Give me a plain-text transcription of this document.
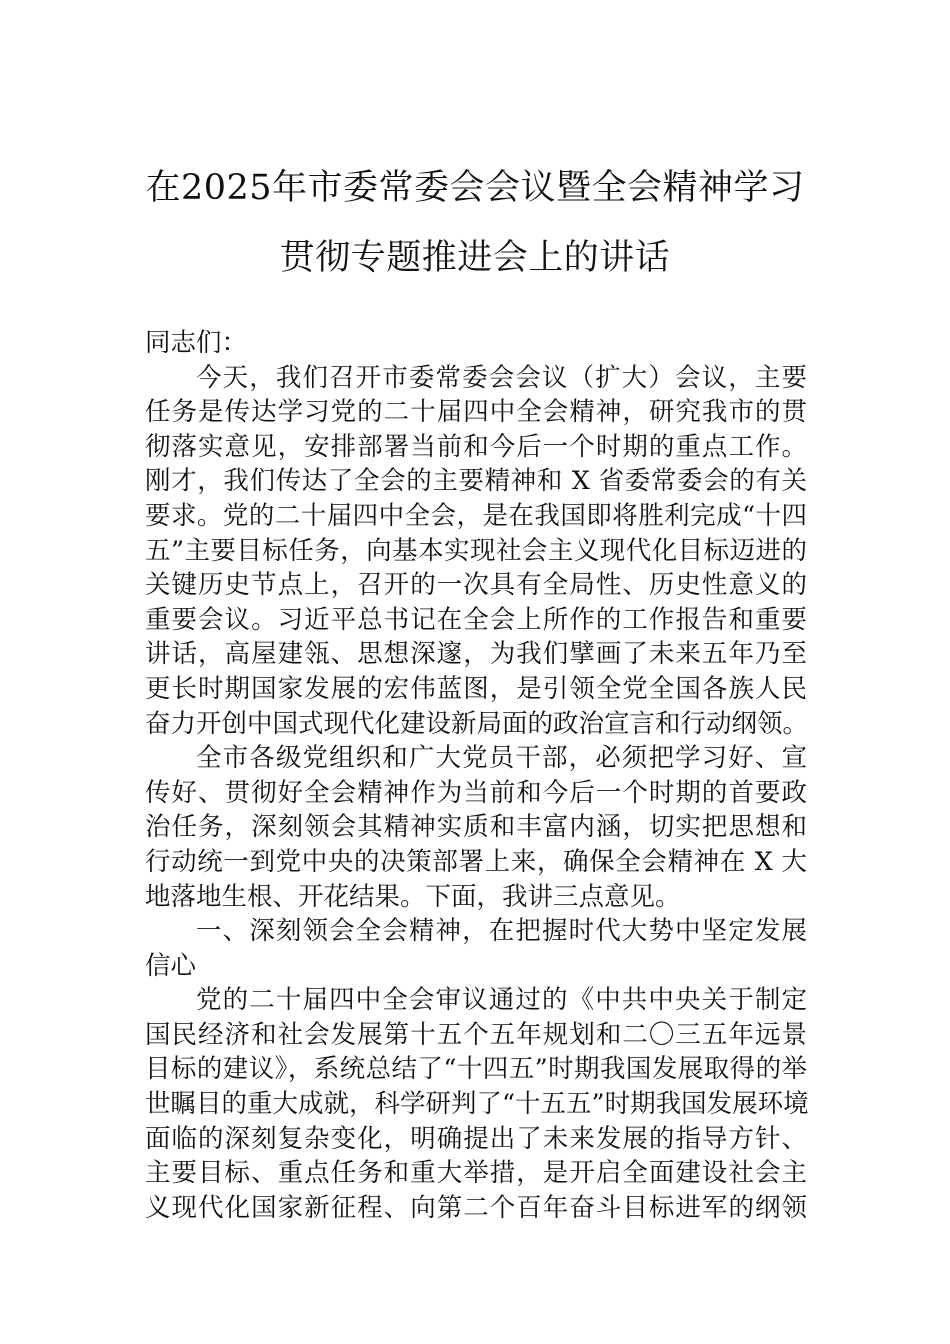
在2025年市委常委会会议暨全会精神学习
贯彻专题推进会上的讲话
同志们：
今天，我们召开市委常委会会议（扩大）会议，主要
任务是传达学习党的二十届四中全会精神，研究我市的贯
彻落实意见，安排部署当前和今后一个时期的重点工作。
刚才，我们传达了全会的主要精神和 X 省委常委会的有关
要求。党的二十届四中全会，是在我国即将胜利完成“十四
五”主要目标任务，向基本实现社会主义现代化目标迈进的
关键历史节点上，召开的一次具有全局性、历史性意义的
重要会议。习近平总书记在全会上所作的工作报告和重要
讲话，高屋建瓴、思想深邃，为我们擘画了未来五年乃至
更长时期国家发展的宏伟蓝图，是引领全党全国各族人民
奋力开创中国式现代化建设新局面的政治宣言和行动纲领。
全市各级党组织和广大党员干部，必须把学习好、宣
传好、贯彻好全会精神作为当前和今后一个时期的首要政
治任务，深刻领会其精神实质和丰富内涵，切实把思想和
行动统一到党中央的决策部署上来，确保全会精神在 X 大
地落地生根、开花结果。下面，我讲三点意见。
一、深刻领会全会精神，在把握时代大势中坚定发展
信心
党的二十届四中全会审议通过的《中共中央关于制定
国民经济和社会发展第十五个五年规划和二〇三五年远景
目标的建议》，系统总结了“十四五”时期我国发展取得的举
世瞩目的重大成就，科学研判了“十五五”时期我国发展环境
面临的深刻复杂变化，明确提出了未来发展的指导方针、
主要目标、重点任务和重大举措，是开启全面建设社会主
义现代化国家新征程、向第二个百年奋斗目标进军的纲领
